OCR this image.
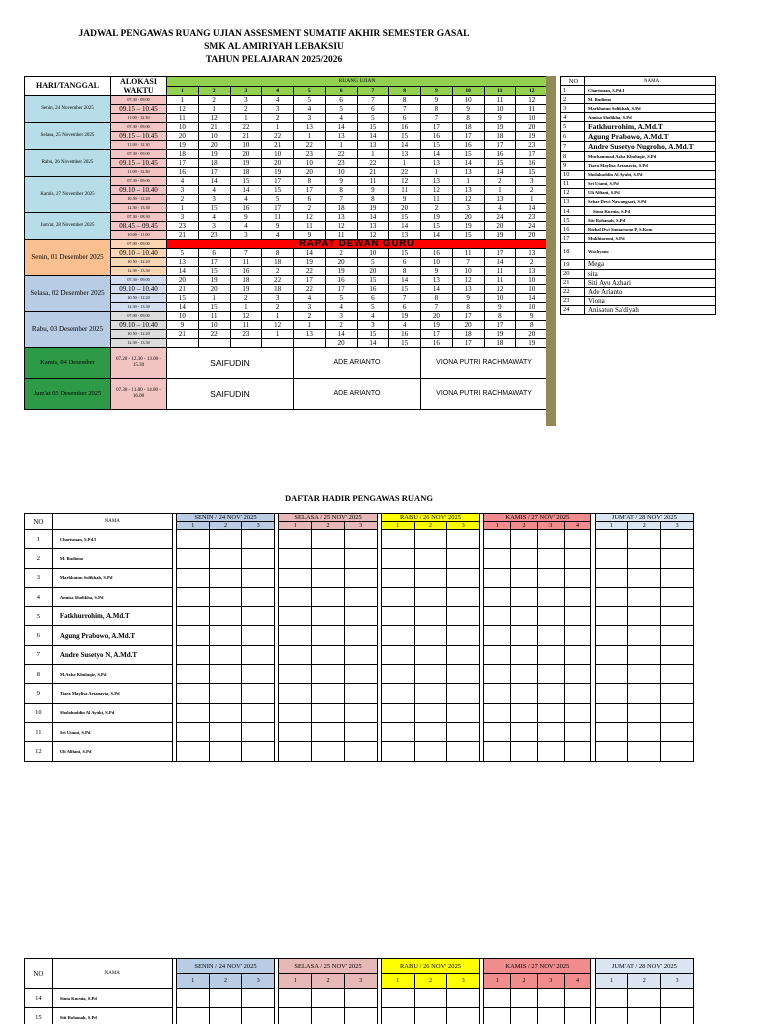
JADWAL PENGAWAS RUANG UJIAN ASSESMENT SUMATIF AKHIR SEMESTER GASAL
SMK AL AMIRIYAH LEBAKSIU
TAHUN PELAJARAN 2025/2026
HARI/TANGGAL	ALOKASI WAKTU	RUANG UJIAN											
		1	2	3	4	5	6	7	8	9	10	11	12
Senin, 24 November 2025	07.30 - 09.00	1	2	3	4	5	6	7	8	9	10	11	12
	09.15 – 10.45	12	1	2	3	4	5	6	7	8	9	10	11
	11.00 - 12.30	11	12	1	2	3	4	5	6	7	8	9	10
Selasa, 25 November 2025	07.30 - 09.00	10	21	22	1	13	14	15	16	17	18	19	20
	09.15 – 10.45	20	10	21	22	1	13	14	15	16	17	18	19
	11.00 - 12.30	19	20	10	21	22	1	13	14	15	16	17	23
Rabu, 26 November 2025	07.30 - 09.00	18	19	20	10	23	22	1	13	14	15	16	17
	09.15 – 10.45	17	18	19	20	10	23	22	1	13	14	15	16
	11.00 - 12.30	16	17	18	19	20	10	21	22	1	13	14	15
Kamis, 27 November 2025	07.30 - 09.00	4	14	15	17	8	9	11	12	13	1	2	3
	09.10 – 10.40	3	4	14	15	17	8	9	11	12	13	1	2
	10.50 - 12.20	2	3	4	5	6	7	8	9	11	12	13	1
	12.30 - 13.30	1	15	16	17	2	18	19	20	2	3	4	14
Jum'at, 28 November 2025	07.30 - 08.30	3	4	9	11	12	13	14	15	19	20	24	23
	08.45 – 09.45	23	3	4	9	11	12	13	14	15	19	20	24
	10.00 - 11.00	21	23	3	4	9	11	12	13	14	15	19	20
Senin, 01 Desember 2025	07.00 - 09.00	RAPAT DEWAN GURU											
	09.10 – 10.40	5	6	7	8	14	2	10	15	16	11	17	13
	10.50 - 12.20	13	17	11	18	19	20	5	6	10	7	14	2
	12.30 - 13.30	14	15	16	2	22	19	20	8	9	10	11	13
Selasa, 02 Desember 2025	07.30 - 09.00	20	19	18	22	17	16	15	14	13	12	11	10
	09.10 – 10.40	21	20	19	18	22	17	16	15	14	13	12	10
	10.50 - 12.20	15	1	2	3	4	5	6	7	8	9	10	14
	12.30 - 13.30	14	15	1	2	3	4	5	6	7	8	9	10
Rabu, 03 Desember 2025	07.00 - 09.00	10	11	12	1	2	3	4	19	20	17	8	9
	09.10 – 10.40	9	10	11	12	1	2	3	4	19	20	17	8
	10.50 - 12.20	21	22	23	1	13	14	15	16	17	18	19	20
	12.30 - 13.30						20	14	15	16	17	18	19
Kamis, 04 Desember	07.20 - 12.30 - 13.00 - 15.30	SAIFUDIN				ADE ARIANTO				VIONA PUTRI RACHMAWATY			
Jum'at 05 Desember 2025	07.30 - 11.00 - 14.00 - 16.00	SAIFUDIN				ADE ARIANTO				VIONA PUTRI RACHMAWATY			
NO	NAMA
1	Charisman, S.Pd.I
2	M. Budiono
3	Markhatun Solikhah, S.Pd
4	Annisa Sholikha, S.Pd
5	Fatkhurrohim, A.Md.T
6	Agung Prabowo, A.Md.T
7	Andre Susetyo Nugroho, A.Md.T
8	Muchammad Azka Khuluqie, S.Pd
9	Tiara Maylisa Artanavia, S.Pd
10	Sholahuddin Al Ayubi, S.Pd
11	Sri Utami, S.Pd
12	Uli Alfiani, S.Pd
13	Sekar Dewi Nawangsari, S.Pd
14	Sinta Kurnia, S.Pd
15	Siti Rohanah, S.Pd
16	Rizhal Dwi Sumarsono P, S.Kom
17	Mukhtaromi, S.Pd
18	Wachyono
19	Mega
20	sita
21	Siti Ayu Azhari
22	Ade Arianto
23	Viona
24	Anisatun Sa'diyah
DAFTAR HADIR PENGAWAS RUANG
NO	NAMA		SENIN / 24 NOV' 2025				SELASA / 25 NOV' 2025				RABU / 26 NOV' 2025				KAMIS / 27 NOV' 2025					JUM'AT / 28 NOV' 2025		
			1	2	3		1	2	3		1	2	3		1	2	3	4		1	2	3
1	Charisman, S.Pd.I																					
2	M. Budiono																					
3	Markhatun Solikhah, S.Pd																					
4	Annisa Sholikha, S.Pd																					
5	Fatkhurrohim, A.Md.T																					
6	Agung Prabowo, A.Md.T																					
7	Andre Susetyo N, A.Md.T																					
8	M.Azka Khuluqie, S.Pd																					
9	Tiara Maylisa Artanavia, S.Pd																					
10	Sholahuddin Al Ayubi, S.Pd																					
11	Sri Utami, S.Pd																					
12	Uli Alfiani, S.Pd																					
NO	NAMA		SENIN / 24 NOV' 2025				SELASA / 25 NOV' 2025				RABU / 26 NOV' 2025				KAMIS / 27 NOV' 2025					JUM'AT / 28 NOV' 2025		
			1	2	3		1	2	3		1	2	3		1	2	3	4		1	2	3
14	Sinta Kurnia, S.Pd																					
15	Siti Rohanah, S.Pd																					
